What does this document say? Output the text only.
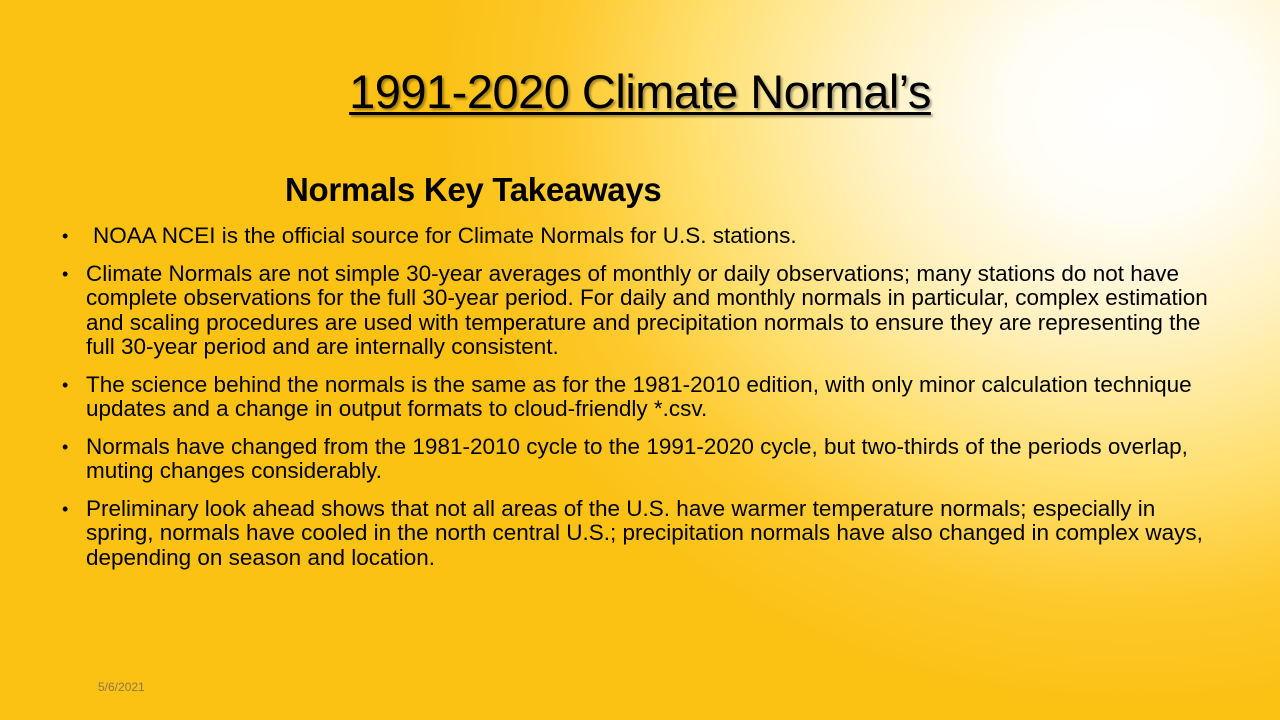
1991-2020 Climate Normal’s
Normals Key Takeaways
• NOAA NCEI is the official source for Climate Normals for U.S. stations.
• Climate Normals are not simple 30-year averages of monthly or daily observations; many stations do not have complete observations for the full 30-year period. For daily and monthly normals in particular, complex estimation and scaling procedures are used with temperature and precipitation normals to ensure they are representing the full 30-year period and are internally consistent.
• The science behind the normals is the same as for the 1981-2010 edition, with only minor calculation technique updates and a change in output formats to cloud-friendly *.csv.
• Normals have changed from the 1981-2010 cycle to the 1991-2020 cycle, but two-thirds of the periods overlap, muting changes considerably.
• Preliminary look ahead shows that not all areas of the U.S. have warmer temperature normals; especially in spring, normals have cooled in the north central U.S.; precipitation normals have also changed in complex ways, depending on season and location.
5/6/2021
